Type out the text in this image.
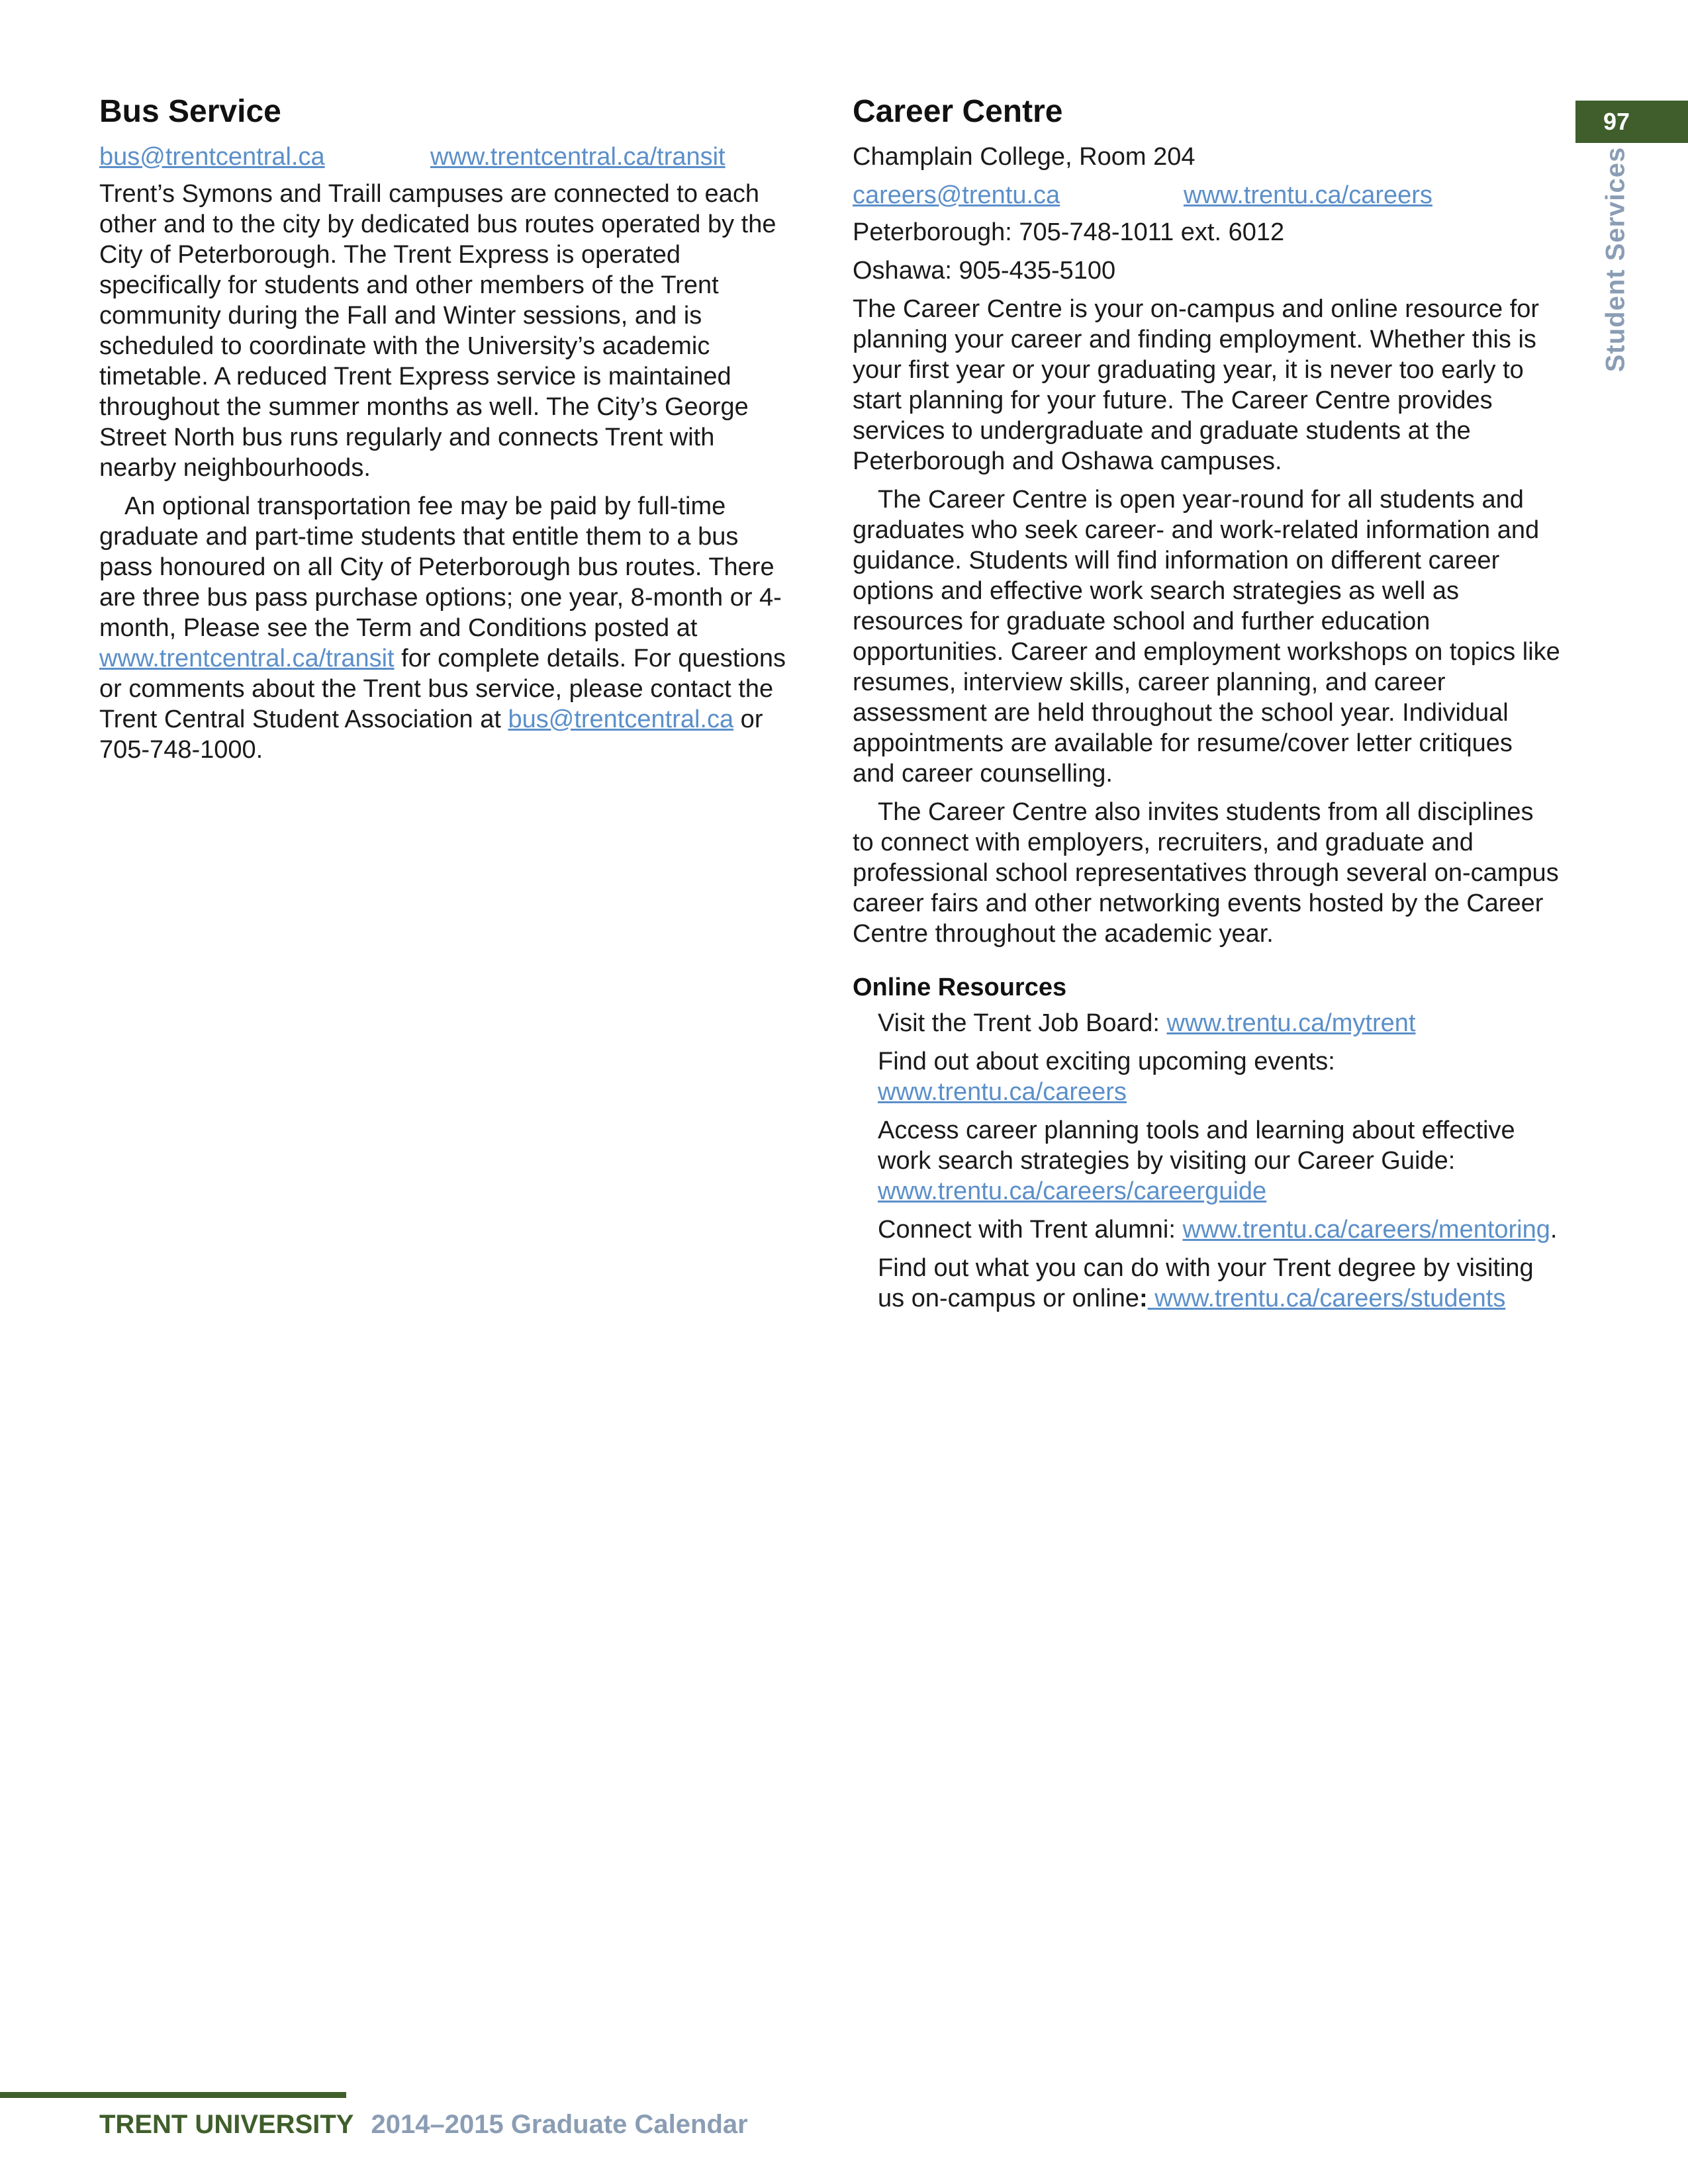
Bus Service
bus@trentcentral.ca	www.trentcentral.ca/transit

Trent’s Symons and Traill campuses are connected to each other and to the city by dedicated bus routes operated by the City of Peterborough. The Trent Express is operated specifically for students and other members of the Trent community during the Fall and Winter sessions, and is scheduled to coordinate with the University’s academic timetable. A reduced Trent Express service is maintained throughout the summer months as well. The City’s George Street North bus runs regularly and connects Trent with nearby neighbourhoods.

An optional transportation fee may be paid by full-time graduate and part-time students that entitle them to a bus pass honoured on all City of Peterborough bus routes. There are three bus pass purchase options; one year, 8-month or 4-month, Please see the Term and Conditions posted at www.trentcentral.ca/transit for complete details. For questions or comments about the Trent bus service, please contact the Trent Central Student Association at bus@trentcentral.ca or 705-748-1000.

Career Centre
Champlain College, Room 204
careers@trentu.ca	www.trentu.ca/careers
Peterborough: 705-748-1011 ext. 6012
Oshawa: 905-435-5100

The Career Centre is your on-campus and online resource for planning your career and finding employment. Whether this is your first year or your graduating year, it is never too early to start planning for your future. The Career Centre provides services to undergraduate and graduate students at the Peterborough and Oshawa campuses.

The Career Centre is open year-round for all students and graduates who seek career- and work-related information and guidance. Students will find information on different career options and effective work search strategies as well as resources for graduate school and further education opportunities. Career and employment workshops on topics like resumes, interview skills, career planning, and career assessment are held throughout the school year. Individual appointments are available for resume/cover letter critiques and career counselling.

The Career Centre also invites students from all disciplines to connect with employers, recruiters, and graduate and professional school representatives through several on-campus career fairs and other networking events hosted by the Career Centre throughout the academic year.

Online Resources
Visit the Trent Job Board: www.trentu.ca/mytrent
Find out about exciting upcoming events: www.trentu.ca/careers
Access career planning tools and learning about effective work search strategies by visiting our Career Guide: www.trentu.ca/careers/careerguide
Connect with Trent alumni: www.trentu.ca/careers/mentoring.
Find out what you can do with your Trent degree by visiting us on-campus or online: www.trentu.ca/careers/students
97
Student Services
TRENT UNIVERSITY 2014–2015 Graduate Calendar
